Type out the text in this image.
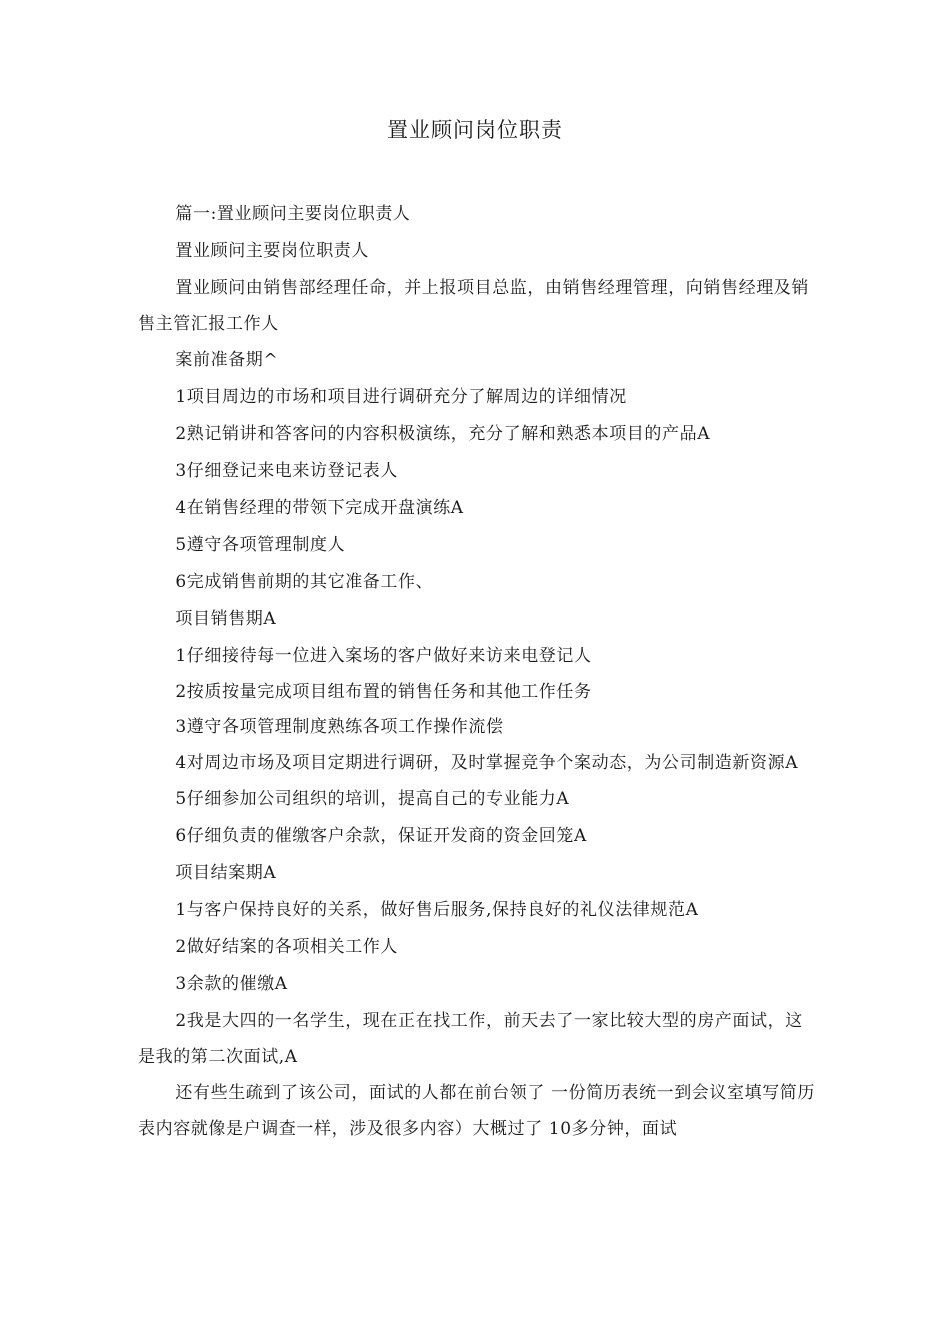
置业顾问岗位职责

篇一:置业顾问主要岗位职责人

置业顾问主要岗位职责人

置业顾问由销售部经理任命，并上报项目总监，由销售经理管理，向销售经理及销售主管汇报工作人

案前准备期^

1项目周边的市场和项目进行调研充分了解周边的详细情况

2熟记销讲和答客问的内容积极演练，充分了解和熟悉本项目的产品A

3仔细登记来电来访登记表人

4在销售经理的带领下完成开盘演练A

5遵守各项管理制度人

6完成销售前期的其它准备工作、

项目销售期A

1仔细接待每一位进入案场的客户做好来访来电登记人

2按质按量完成项目组布置的销售任务和其他工作任务

3遵守各项管理制度熟练各项工作操作流偿

4对周边市场及项目定期进行调研，及时掌握竞争个案动态，为公司制造新资源A

5仔细参加公司组织的培训，提高自己的专业能力A

6仔细负责的催缴客户余款，保证开发商的资金回笼A

项目结案期A

1与客户保持良好的关系，做好售后服务,保持良好的礼仪法律规范A

2做好结案的各项相关工作人

3余款的催缴A

2我是大四的一名学生，现在正在找工作，前天去了一家比较大型的房产面试，这是我的第二次面试,A

还有些生疏到了该公司，面试的人都在前台领了 一份简历表统一到会议室填写简历表内容就像是户调查一样，涉及很多内容）大概过了 10多分钟，面试
